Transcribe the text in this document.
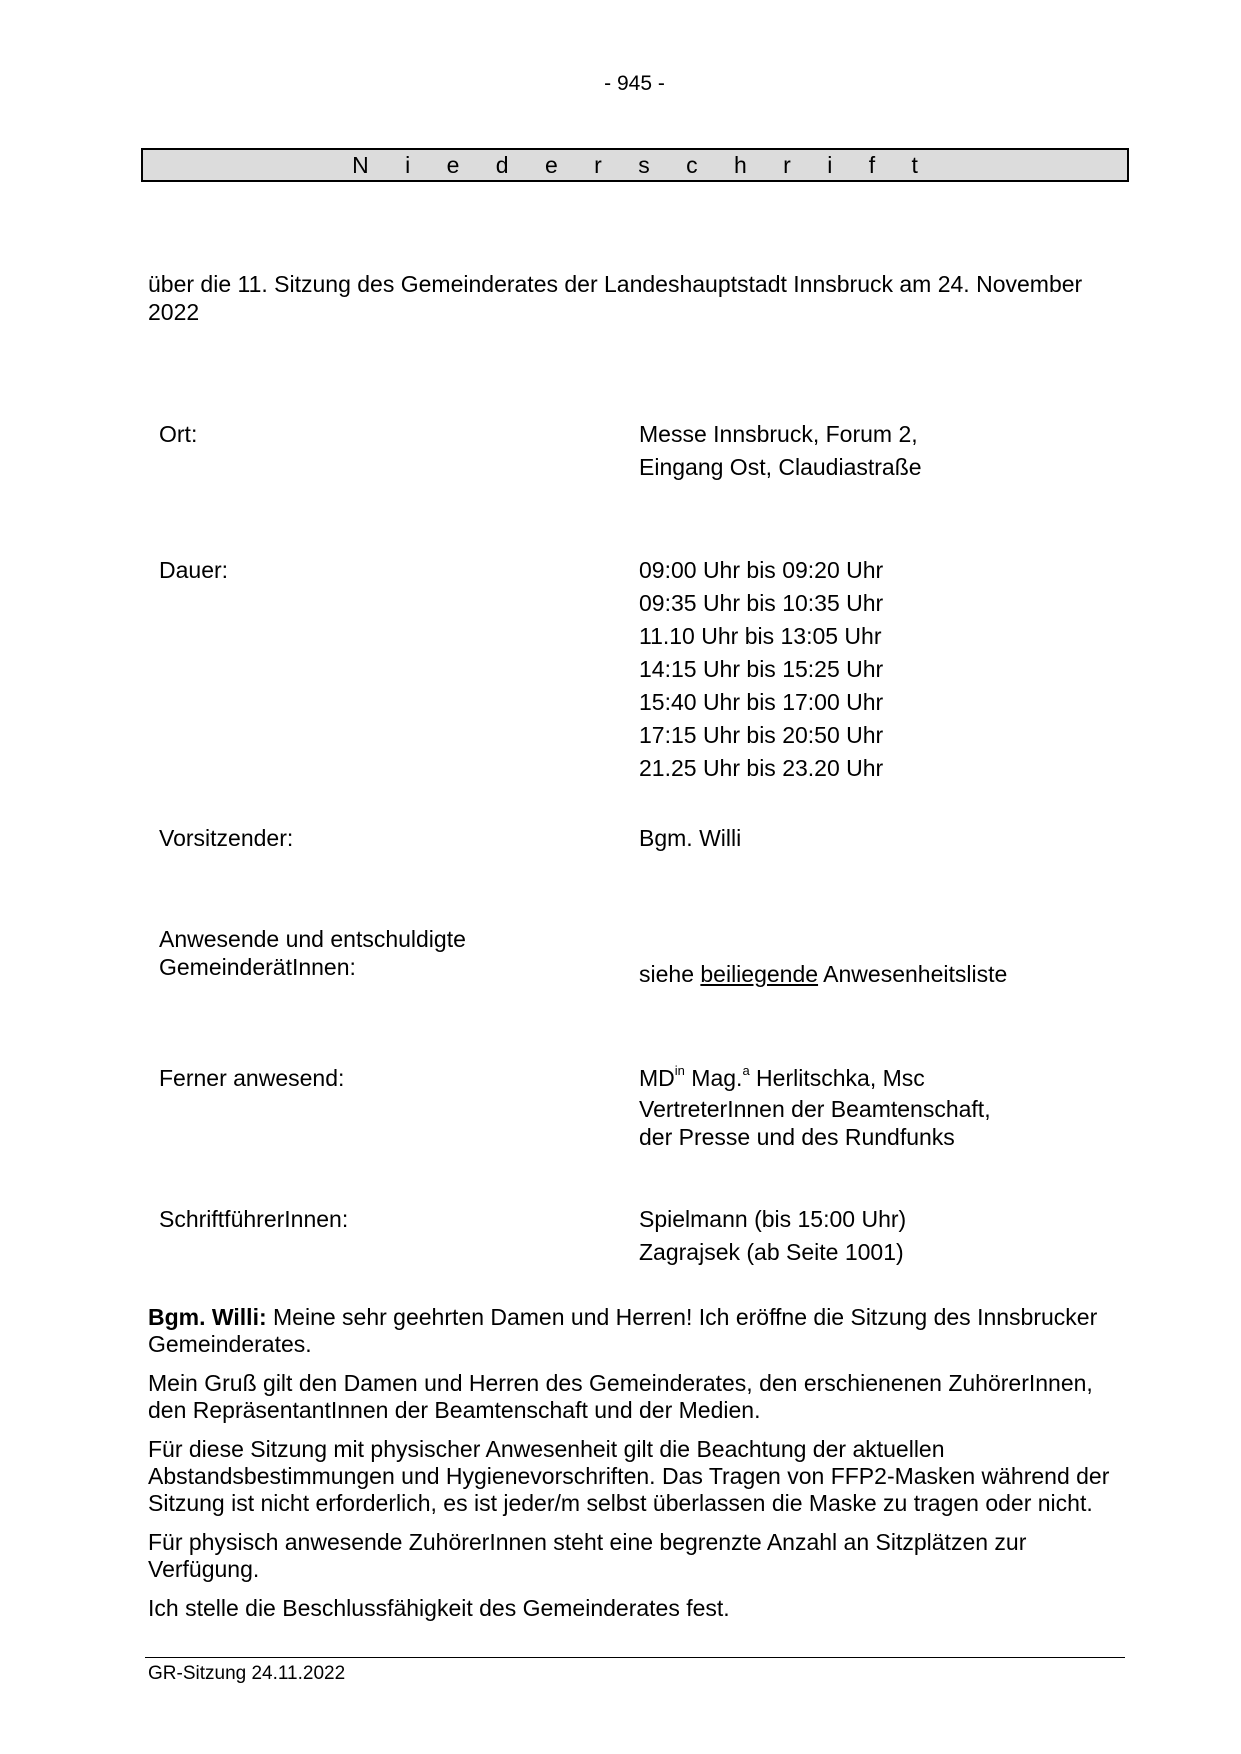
- 945 -
N i e d e r s c h r i f t

über die 11. Sitzung des Gemeinderates der Landeshauptstadt Innsbruck am 24. November 2022

Ort:	Messe Innsbruck, Forum 2,
Eingang Ost, Claudiastraße
Dauer:	09:00 Uhr bis 09:20 Uhr
09:35 Uhr bis 10:35 Uhr
11.10 Uhr bis 13:05 Uhr
14:15 Uhr bis 15:25 Uhr
15:40 Uhr bis 17:00 Uhr
17:15 Uhr bis 20:50 Uhr
21.25 Uhr bis 23.20 Uhr
Vorsitzender:	Bgm. Willi
Anwesende und entschuldigte
GemeinderätInnen:	siehe beiliegende Anwesenheitsliste
Ferner anwesend:	$MD^{in}$ Mag.$^a$ Herlitschka, Msc
VertreterInnen der Beamtenschaft,
der Presse und des Rundfunks
SchriftführerInnen:	Spielmann (bis 15:00 Uhr)
Zagrajsek (ab Seite 1001)

Bgm. Willi: Meine sehr geehrten Damen und Herren! Ich eröffne die Sitzung des Innsbrucker Gemeinderates.

Mein Gruß gilt den Damen und Herren des Gemeinderates, den erschienenen ZuhörerInnen, den RepräsentantInnen der Beamtenschaft und der Medien.

Für diese Sitzung mit physischer Anwesenheit gilt die Beachtung der aktuellen Abstandsbestimmungen und Hygienevorschriften. Das Tragen von FFP2-Masken während der Sitzung ist nicht erforderlich, es ist jeder/m selbst überlassen die Maske zu tragen oder nicht.

Für physisch anwesende ZuhörerInnen steht eine begrenzte Anzahl an Sitzplätzen zur Verfügung.

Ich stelle die Beschlussfähigkeit des Gemeinderates fest.

GR-Sitzung 24.11.2022
